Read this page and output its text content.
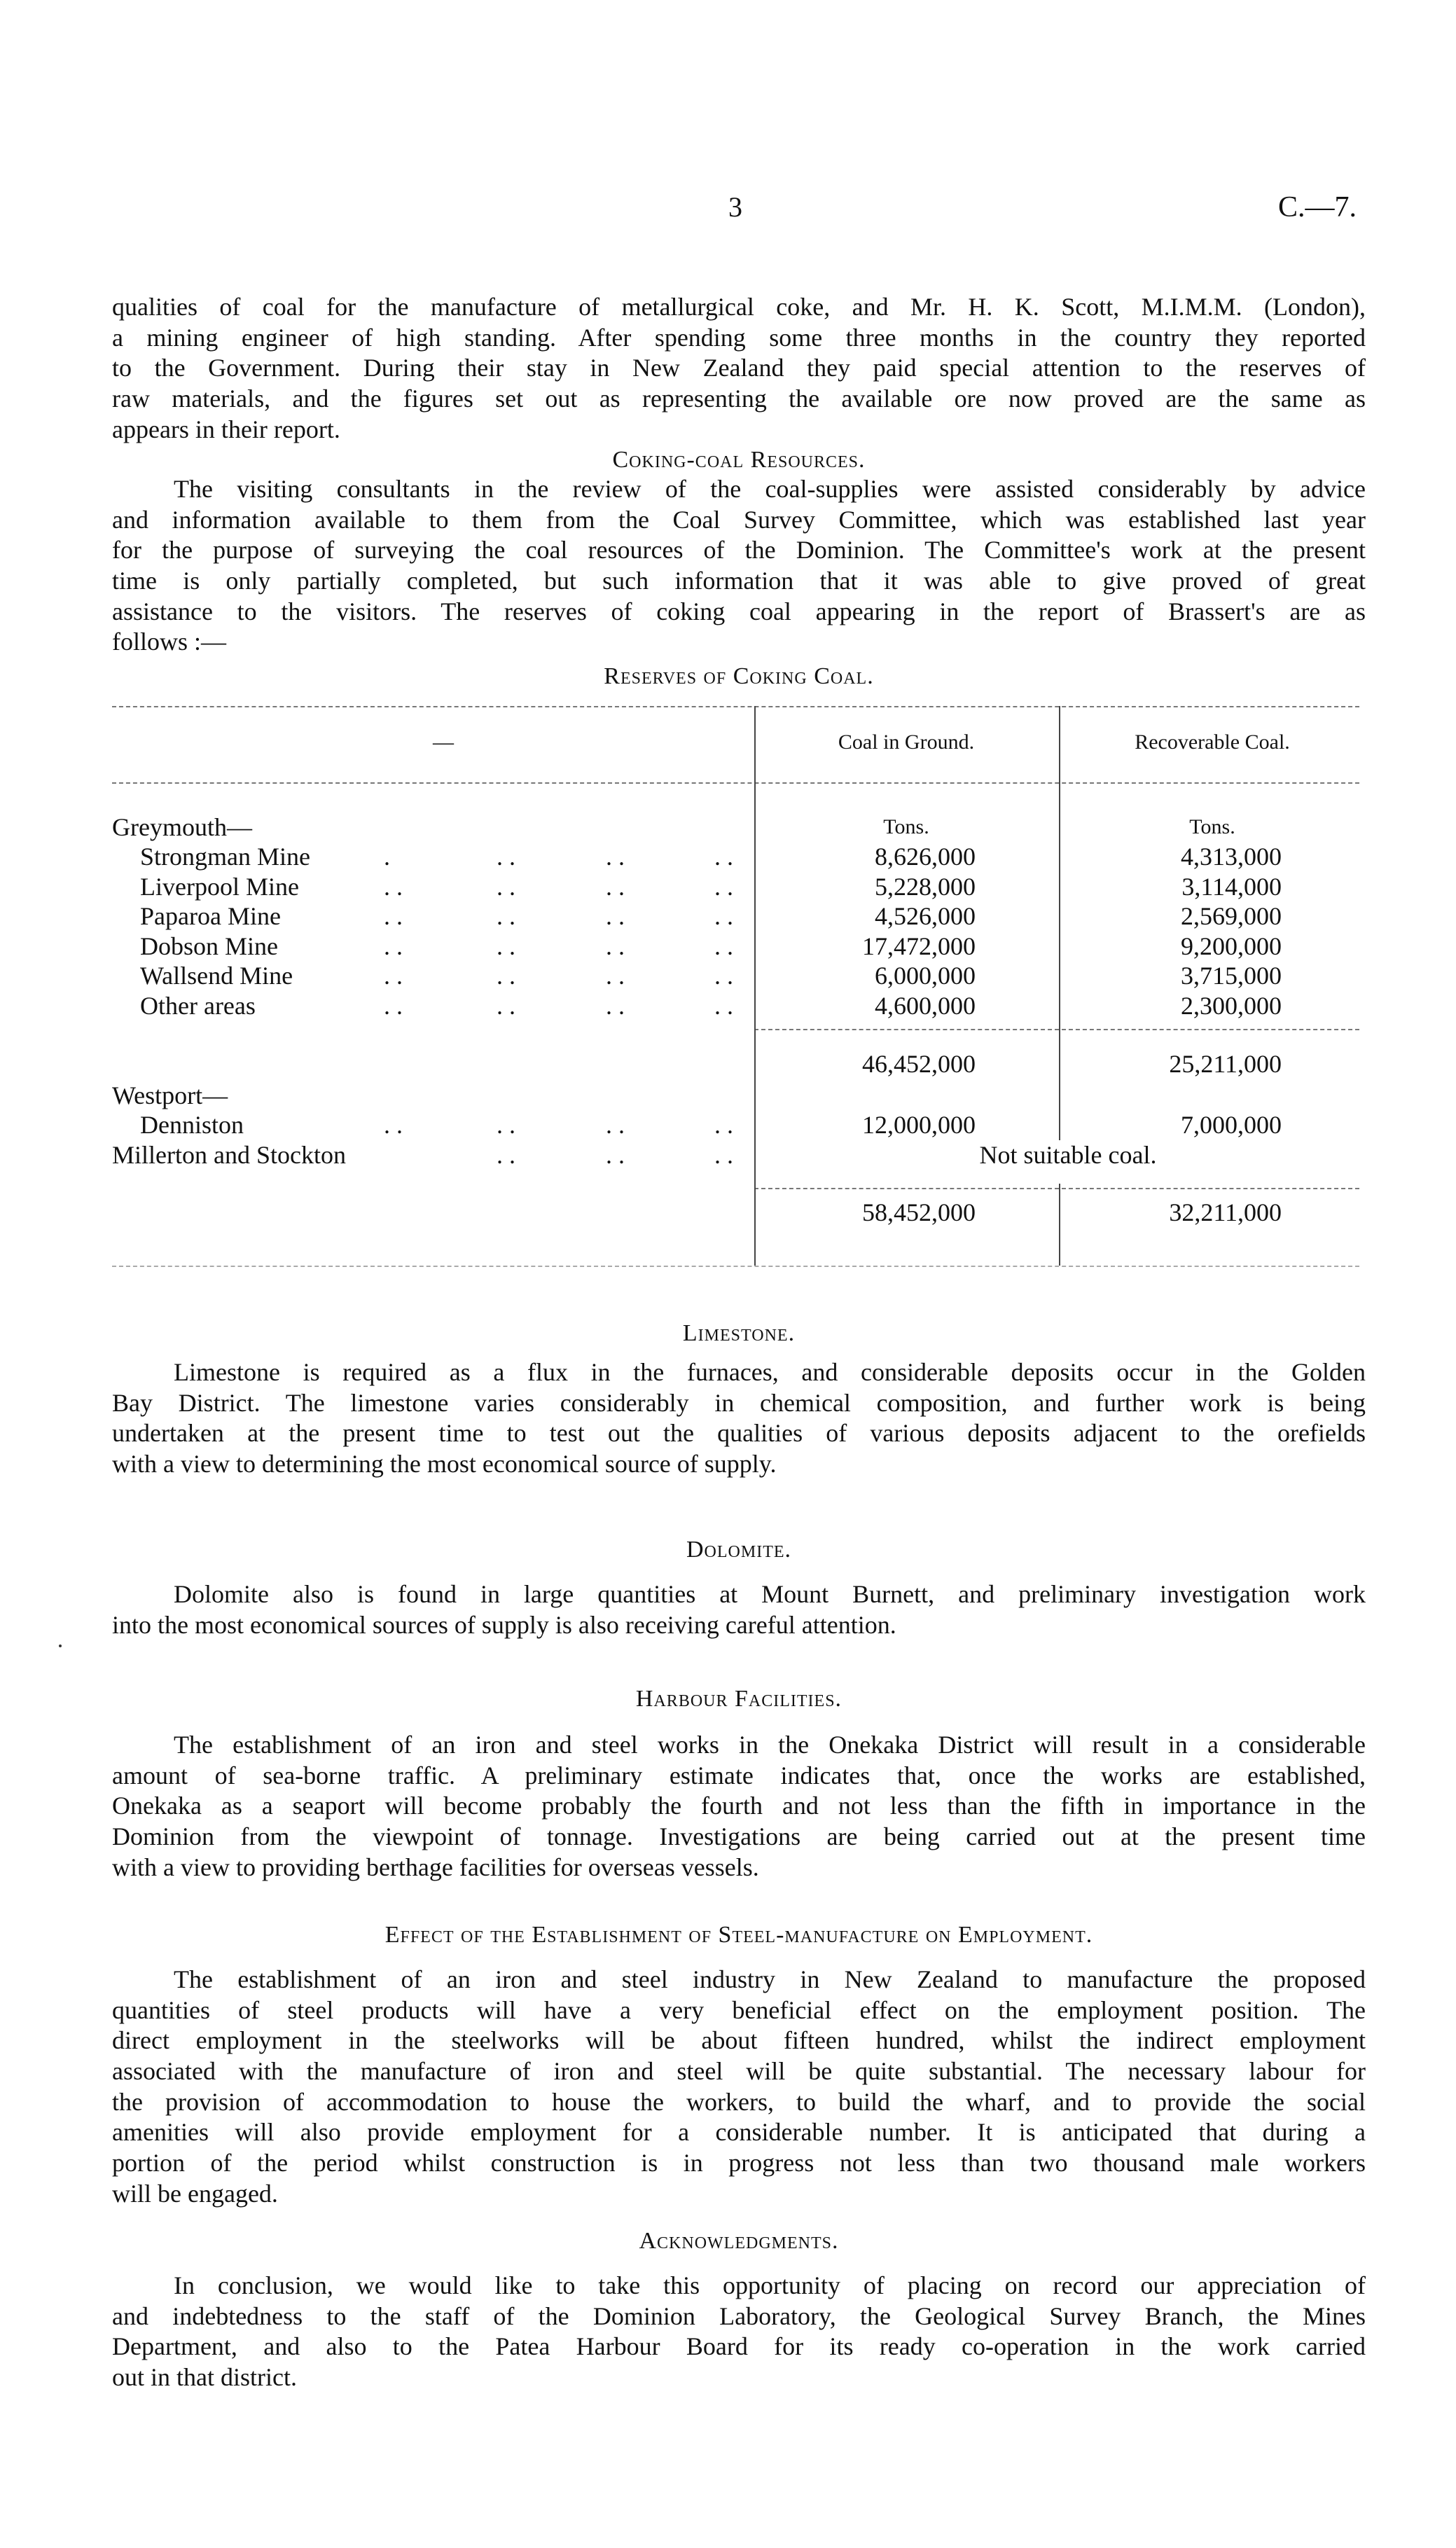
3	C.—7.
qualities of coal for the manufacture of metallurgical coke, and Mr. H. K. Scott, M.I.M.M. (London),
a mining engineer of high standing. After spending some three months in the country they reported
to the Government. During their stay in New Zealand they paid special attention to the reserves of
raw materials, and the figures set out as representing the available ore now proved are the same as
appears in their report.
Coking-coal Resources.
The visiting consultants in the review of the coal-supplies were assisted considerably by advice
and information available to them from the Coal Survey Committee, which was established last year
for the purpose of surveying the coal resources of the Dominion. The Committee's work at the present
time is only partially completed, but such information that it was able to give proved of great
assistance to the visitors. The reserves of coking coal appearing in the report of Brassert's are as
follows :—
Reserves of Coking Coal.
—	Coal in Ground.	Recoverable Coal.
Greymouth—	Tons.	Tons.
Strongman Mine . . . . . . .	8,626,000	4,313,000
Liverpool Mine . . . . . . . .	5,228,000	3,114,000
Paparoa Mine . . . . . . . .	4,526,000	2,569,000
Dobson Mine . . . . . . . .	17,472,000	9,200,000
Wallsend Mine . . . . . . . .	6,000,000	3,715,000
Other areas . . . . . . . .	4,600,000	2,300,000
46,452,000	25,211,000
Westport—
Denniston . . . . . . . .	12,000,000	7,000,000
Millerton and Stockton . . . . . .	Not suitable coal.
58,452,000	32,211,000
Limestone.
Limestone is required as a flux in the furnaces, and considerable deposits occur in the Golden
Bay District. The limestone varies considerably in chemical composition, and further work is being
undertaken at the present time to test out the qualities of various deposits adjacent to the orefields
with a view to determining the most economical source of supply.
Dolomite.
Dolomite also is found in large quantities at Mount Burnett, and preliminary investigation work
into the most economical sources of supply is also receiving careful attention.
Harbour Facilities.
The establishment of an iron and steel works in the Onekaka District will result in a considerable
amount of sea-borne traffic. A preliminary estimate indicates that, once the works are established,
Onekaka as a seaport will become probably the fourth and not less than the fifth in importance in the
Dominion from the viewpoint of tonnage. Investigations are being carried out at the present time
with a view to providing berthage facilities for overseas vessels.
Effect of the Establishment of Steel-manufacture on Employment.
The establishment of an iron and steel industry in New Zealand to manufacture the proposed
quantities of steel products will have a very beneficial effect on the employment position. The
direct employment in the steelworks will be about fifteen hundred, whilst the indirect employment
associated with the manufacture of iron and steel will be quite substantial. The necessary labour for
the provision of accommodation to house the workers, to build the wharf, and to provide the social
amenities will also provide employment for a considerable number. It is anticipated that during a
portion of the period whilst construction is in progress not less than two thousand male workers
will be engaged.
Acknowledgments.
In conclusion, we would like to take this opportunity of placing on record our appreciation of
and indebtedness to the staff of the Dominion Laboratory, the Geological Survey Branch, the Mines
Department, and also to the Patea Harbour Board for its ready co-operation in the work carried
out in that district.
